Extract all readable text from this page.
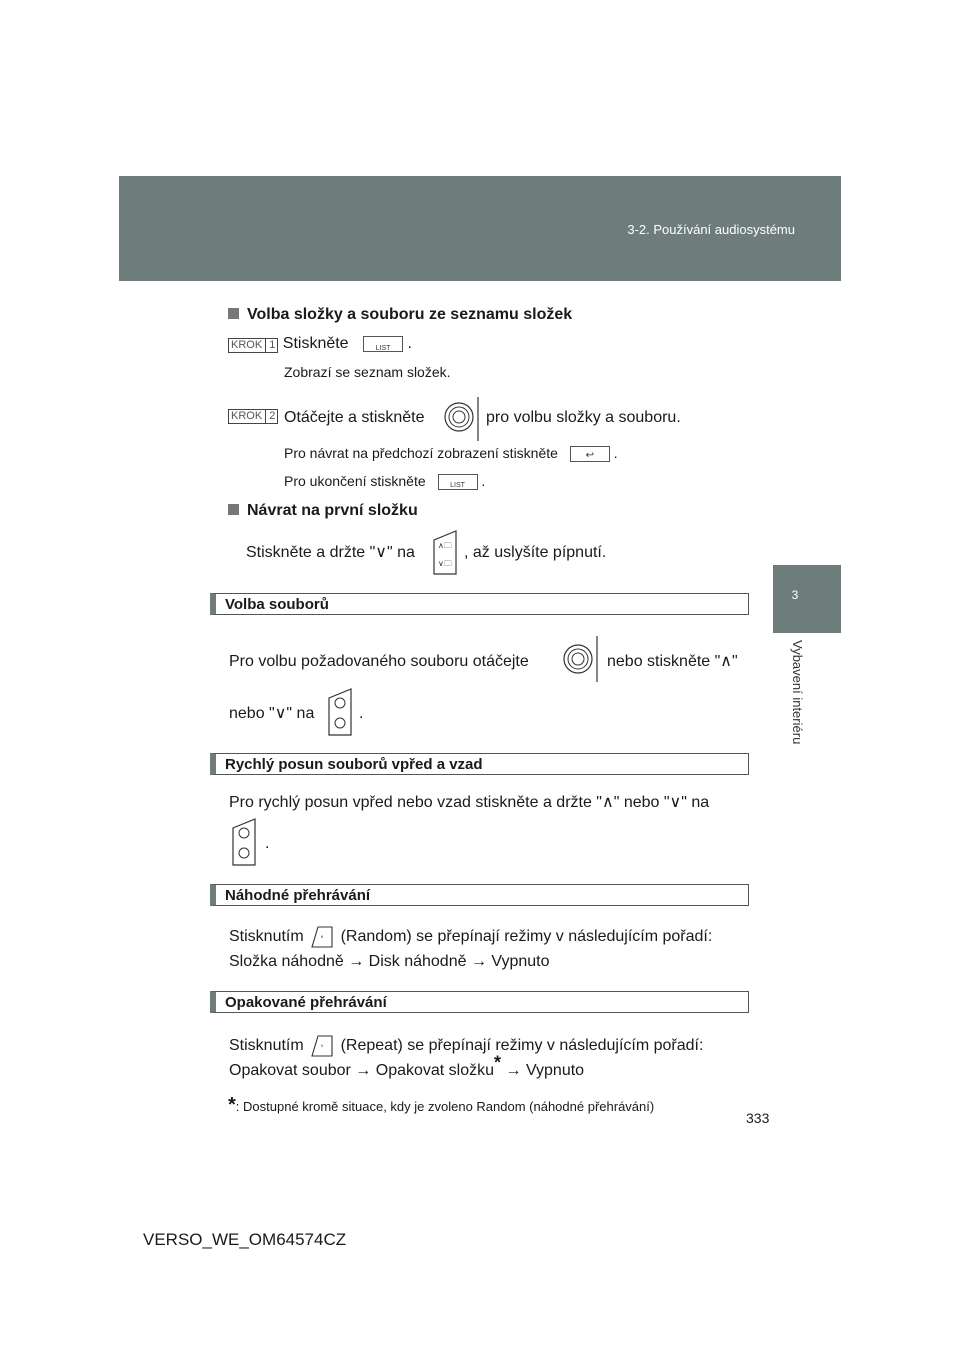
3-2. Používání audiosystému
3
Vybavení interiéru
Volba složky a souboru ze seznamu složek
KROK 1 Stiskněte	LIST	.
Zobrazí se seznam složek.
KROK 2 Otáčejte a stiskněte	pro volbu složky a souboru.
Pro návrat na předchozí zobrazení stiskněte	↩	.
Pro ukončení stiskněte	LIST	.
Návrat na první složku
Stiskněte a držte "∨" na	∧🗀
∨🗀
, až uslyšíte pípnutí.
Volba souborů
Pro volbu požadovaného souboru otáčejte	nebo stiskněte "∧"
nebo "∨" na	.
Rychlý posun souborů vpřed a vzad
Pro rychlý posun vpřed nebo vzad stiskněte a držte "∧" nebo "∨" na
.
Náhodné přehrávání
Stisknutím	⁶ (Random) se přepínají režimy v následujícím pořadí:
Složka náhodně → Disk náhodně → Vypnuto
Opakované přehrávání
Stisknutím	⁵ (Repeat) se přepínají režimy v následujícím pořadí:
Opakovat soubor → Opakovat složku* → Vypnuto
*: Dostupné kromě situace, kdy je zvoleno Random (náhodné přehrávání)
333
VERSO_WE_OM64574CZ
